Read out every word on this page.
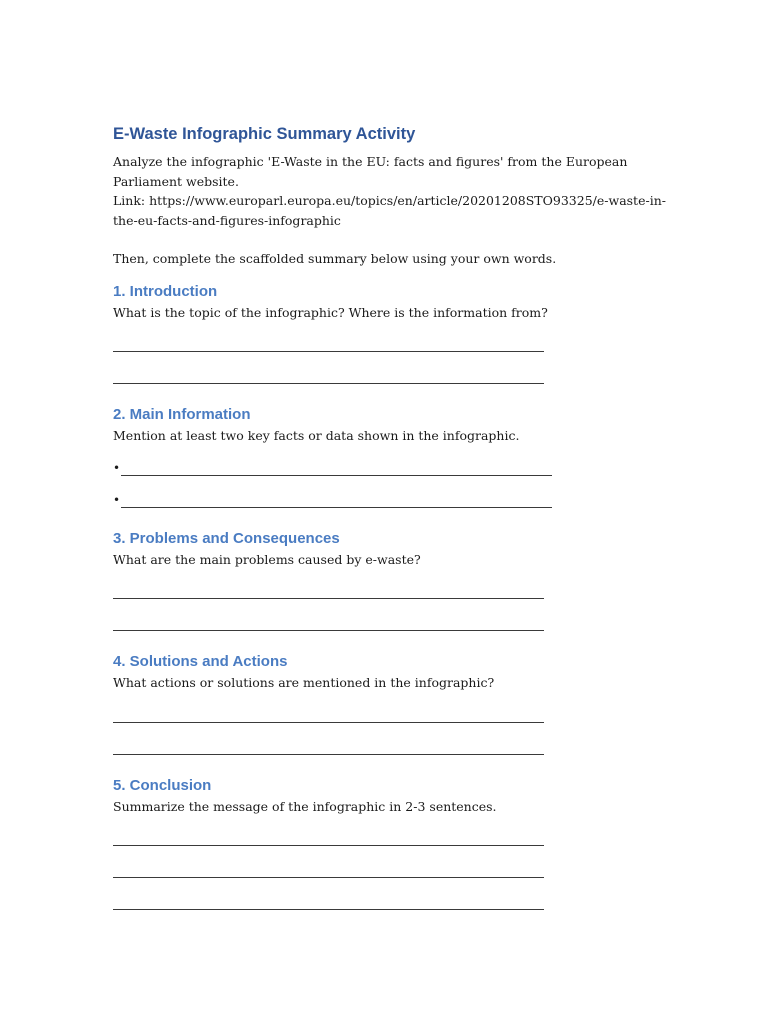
E-Waste Infographic Summary Activity

Analyze the infographic 'E-Waste in the EU: facts and figures' from the European Parliament website.

Link: https://www.europarl.europa.eu/topics/en/article/20201208STO93325/e-waste-in-the-eu-facts-and-figures-infographic

Then, complete the scaffolded summary below using your own words.

1. Introduction

What is the topic of the infographic? Where is the information from?

2. Main Information

Mention at least two key facts or data shown in the infographic.

•
•
3. Problems and Consequences

What are the main problems caused by e-waste?

4. Solutions and Actions

What actions or solutions are mentioned in the infographic?

5. Conclusion

Summarize the message of the infographic in 2-3 sentences.
